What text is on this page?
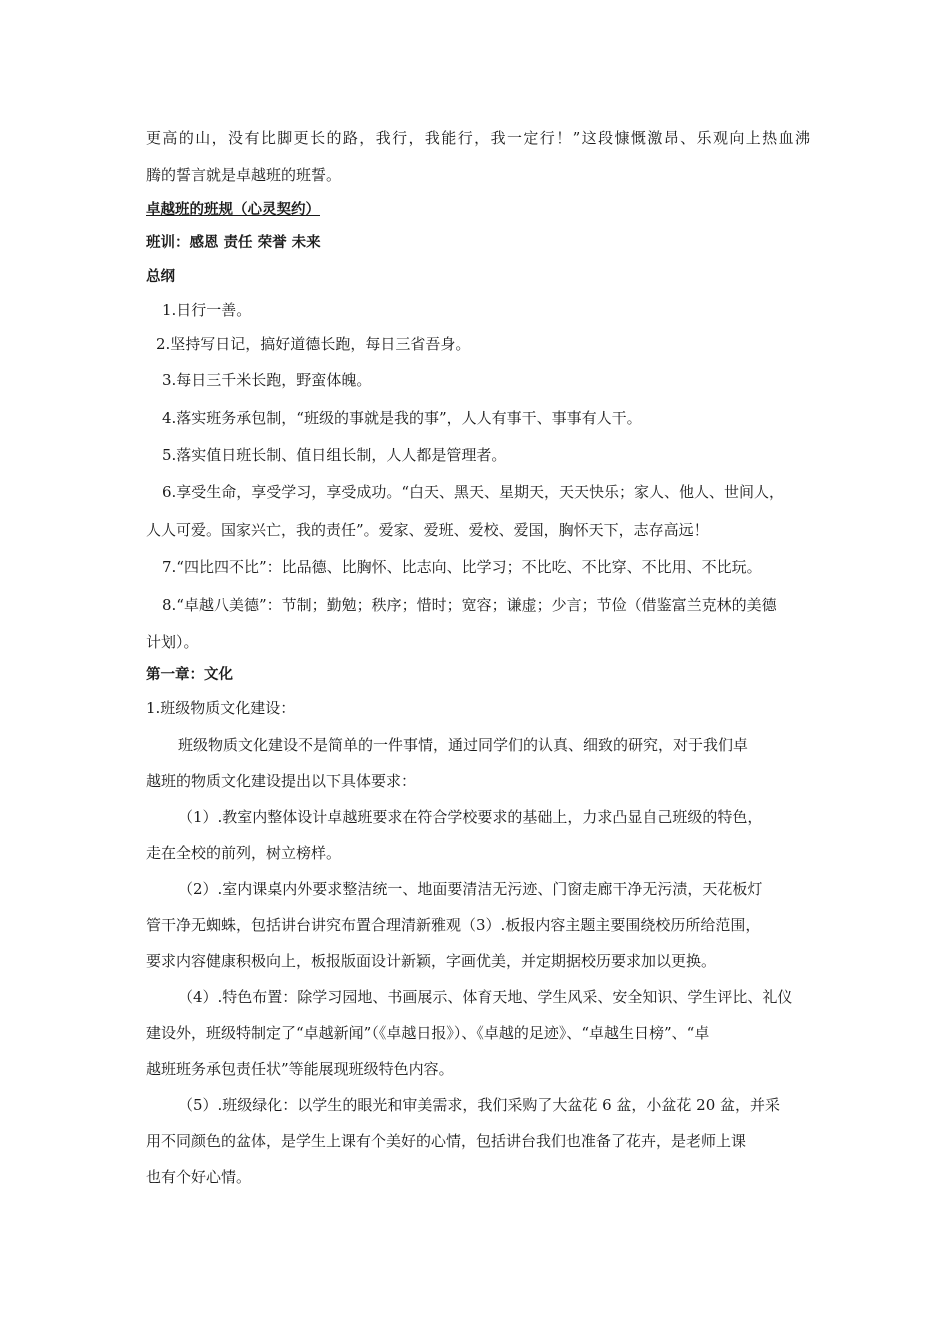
更高的山，没有比脚更长的路，我行，我能行，我一定行！”这段慷慨激昂、乐观向上热血沸
腾的誓言就是卓越班的班誓。
卓越班的班规（心灵契约）
班训：感恩 责任 荣誉 未来
总纲
1.日行一善。
2.坚持写日记，搞好道德长跑，每日三省吾身。
3.每日三千米长跑，野蛮体魄。
4.落实班务承包制，“班级的事就是我的事”，人人有事干、事事有人干。
5.落实值日班长制、值日组长制，人人都是管理者。
6.享受生命，享受学习，享受成功。“白天、黑天、星期天，天天快乐；家人、他人、世间人，
人人可爱。国家兴亡，我的责任”。爱家、爱班、爱校、爱国，胸怀天下，志存高远！
7.“四比四不比”：比品德、比胸怀、比志向、比学习；不比吃、不比穿、不比用、不比玩。
8.“卓越八美德”：节制；勤勉；秩序；惜时；宽容；谦虚；少言；节俭（借鉴富兰克林的美德
计划）。
第一章：文化
1.班级物质文化建设：
班级物质文化建设不是简单的一件事情，通过同学们的认真、细致的研究，对于我们卓
越班的物质文化建设提出以下具体要求：
（1）.教室内整体设计卓越班要求在符合学校要求的基础上，力求凸显自己班级的特色，
走在全校的前列，树立榜样。
（2）.室内课桌内外要求整洁统一、地面要清洁无污迹、门窗走廊干净无污渍，天花板灯
管干净无蜘蛛，包括讲台讲究布置合理清新雅观（3）.板报内容主题主要围绕校历所给范围，
要求内容健康积极向上，板报版面设计新颖，字画优美，并定期据校历要求加以更换。
（4）.特色布置：除学习园地、书画展示、体育天地、学生风采、安全知识、学生评比、礼仪
建设外，班级特制定了“卓越新闻”（《卓越日报》）、《卓越的足迹》、“卓越生日榜”、“卓
越班班务承包责任状”等能展现班级特色内容。
（5）.班级绿化：以学生的眼光和审美需求，我们采购了大盆花 6 盆，小盆花 20 盆，并采
用不同颜色的盆体，是学生上课有个美好的心情，包括讲台我们也准备了花卉，是老师上课
也有个好心情。
